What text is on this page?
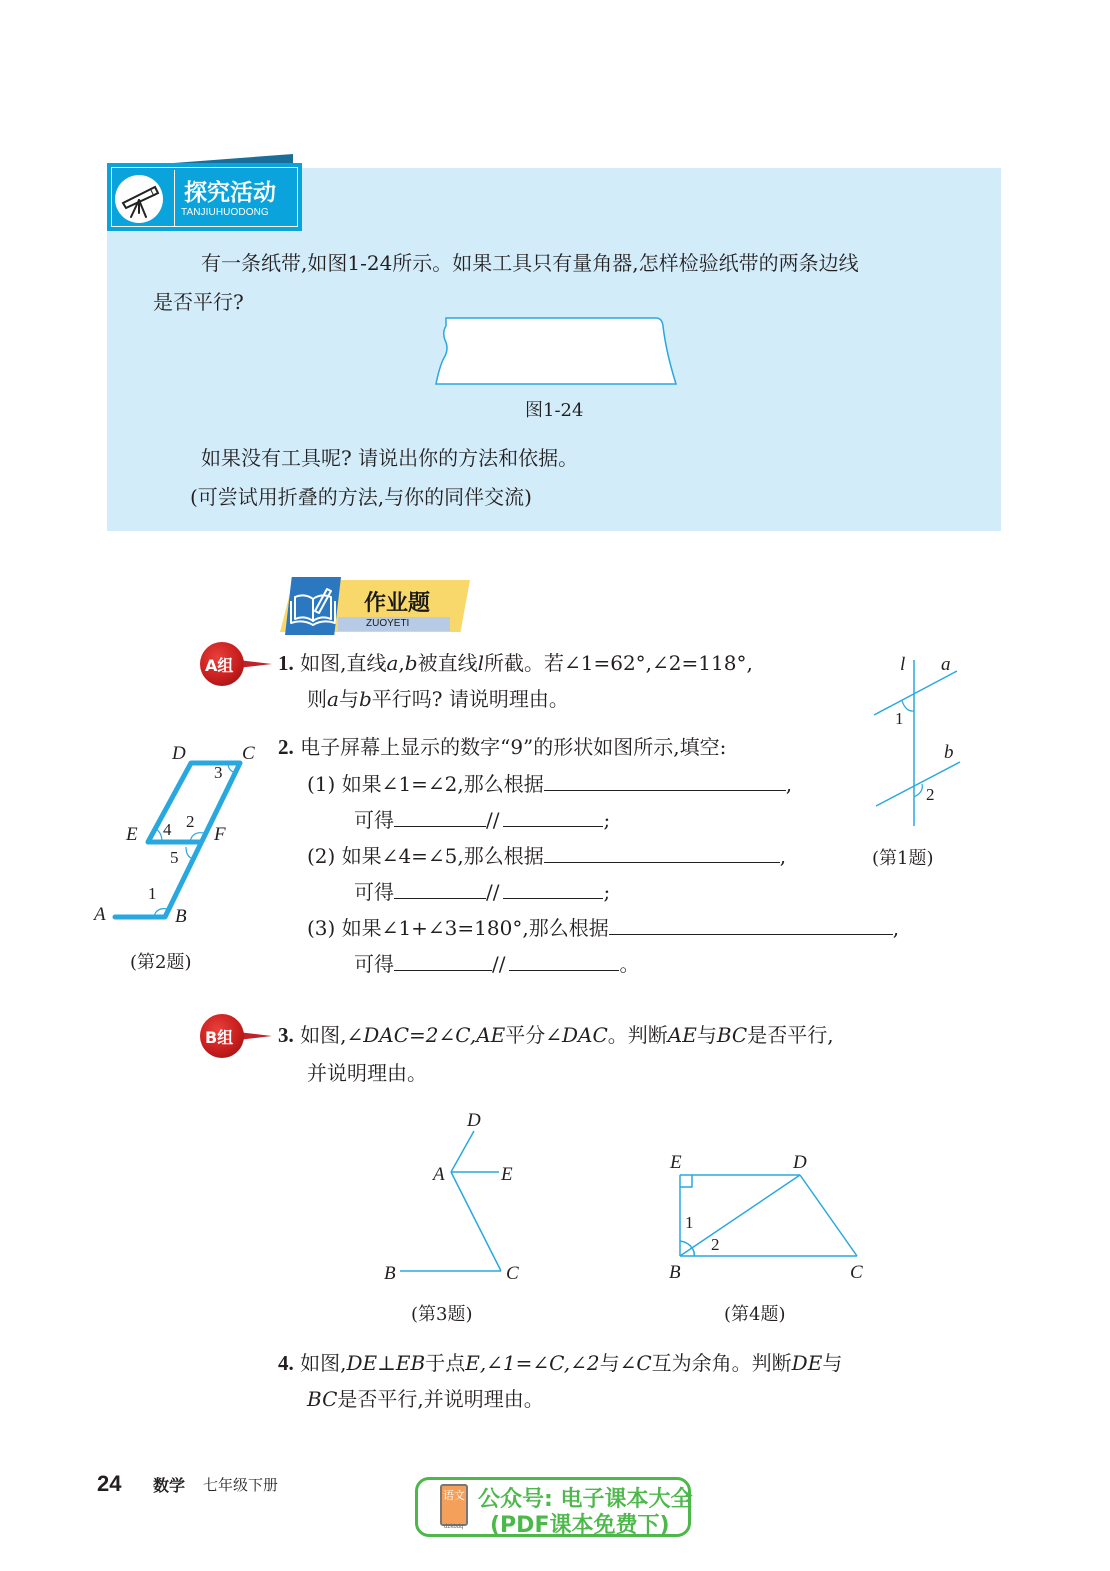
探究活动
TANJIUHUODONG
有一条纸带,如图1-24所示。如果工具只有量角器,怎样检验纸带的两条边线
是否平行?
图1-24
如果没有工具呢? 请说出你的方法和依据。
(可尝试用折叠的方法,与你的同伴交流)
作业题
ZUOYETI
A组 1. 如图,直线a,b被直线l所截。若∠1=62°,∠2=118°,
则a与b平行吗? 请说明理由。
l a
b
1
2
(第1题)
2. 电子屏幕上显示的数字“9”的形状如图所示,填空:
(1) 如果∠1=∠2,那么根据	,
可得	//	;
(2) 如果∠4=∠5,那么根据	,
可得	//	;
(3) 如果∠1+∠3=180°,那么根据	,
可得	//	。
A	B
C
D
E	F
1
2
3
4
5
(第2题)
B组 3. 如图,∠DAC=2∠C,AE平分∠DAC。判断AE与BC是否平行,
并说明理由。
D
A	E
B	C
(第3题)
E	D
B	C
1
2
(第4题)
4. 如图,DE⊥EB于点E,∠1=∠C,∠2与∠C互为余角。判断DE与
BC是否平行,并说明理由。
24 数学 七年级下册
语文
dzkbdq
公众号: 电子课本大全
(PDF课本免费下)
